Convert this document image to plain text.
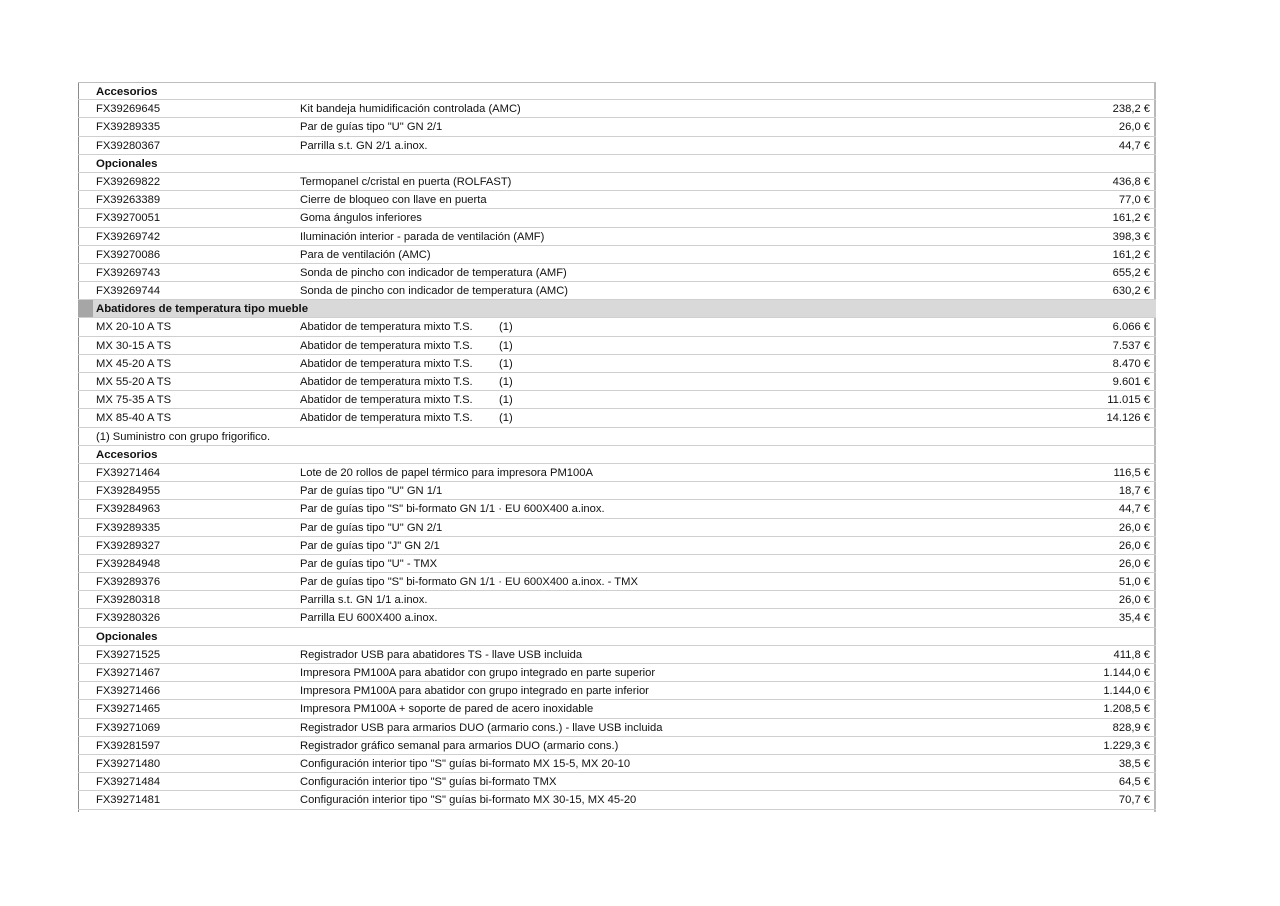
Accesorios
FX39269645	Kit bandeja humidificación controlada (AMC)	238,2 €
FX39289335	Par de guías tipo "U" GN 2/1	26,0 €
FX39280367	Parrilla s.t. GN 2/1 a.inox.	44,7 €
Opcionales
FX39269822	Termopanel c/cristal en puerta (ROLFAST)	436,8 €
FX39263389	Cierre de bloqueo con llave en puerta	77,0 €
FX39270051	Goma ángulos inferiores	161,2 €
FX39269742	Iluminación interior - parada de ventilación (AMF)	398,3 €
FX39270086	Para de ventilación (AMC)	161,2 €
FX39269743	Sonda de pincho con indicador de temperatura (AMF)	655,2 €
FX39269744	Sonda de pincho con indicador de temperatura (AMC)	630,2 €
Abatidores de temperatura tipo mueble
MX 20-10 A TS	Abatidor de temperatura mixto T.S. (1)	6.066 €
MX 30-15 A TS	Abatidor de temperatura mixto T.S. (1)	7.537 €
MX 45-20 A TS	Abatidor de temperatura mixto T.S. (1)	8.470 €
MX 55-20 A TS	Abatidor de temperatura mixto T.S. (1)	9.601 €
MX 75-35 A TS	Abatidor de temperatura mixto T.S. (1)	11.015 €
MX 85-40 A TS	Abatidor de temperatura mixto T.S. (1)	14.126 €
(1) Suministro con grupo frigorifico.
Accesorios
FX39271464	Lote de 20 rollos de papel térmico para impresora PM100A	116,5 €
FX39284955	Par de guías tipo "U" GN 1/1	18,7 €
FX39284963	Par de guías tipo "S" bi-formato GN 1/1 · EU 600X400 a.inox.	44,7 €
FX39289335	Par de guías tipo "U" GN 2/1	26,0 €
FX39289327	Par de guías tipo "J" GN 2/1	26,0 €
FX39284948	Par de guías tipo "U" - TMX	26,0 €
FX39289376	Par de guías tipo "S" bi-formato GN 1/1 · EU 600X400 a.inox. - TMX	51,0 €
FX39280318	Parrilla s.t. GN 1/1 a.inox.	26,0 €
FX39280326	Parrilla EU 600X400 a.inox.	35,4 €
Opcionales
FX39271525	Registrador USB para abatidores TS - llave USB incluida	411,8 €
FX39271467	Impresora PM100A para abatidor con grupo integrado en parte superior	1.144,0 €
FX39271466	Impresora PM100A para abatidor con grupo integrado en parte inferior	1.144,0 €
FX39271465	Impresora PM100A + soporte de pared de acero inoxidable	1.208,5 €
FX39271069	Registrador USB para armarios DUO (armario cons.) - llave USB incluida	828,9 €
FX39281597	Registrador gráfico semanal para armarios DUO (armario cons.)	1.229,3 €
FX39271480	Configuración interior tipo "S" guías bi-formato MX 15-5, MX 20-10	38,5 €
FX39271484	Configuración interior tipo "S" guías bi-formato TMX	64,5 €
FX39271481	Configuración interior tipo "S" guías bi-formato MX 30-15, MX 45-20	70,7 €
